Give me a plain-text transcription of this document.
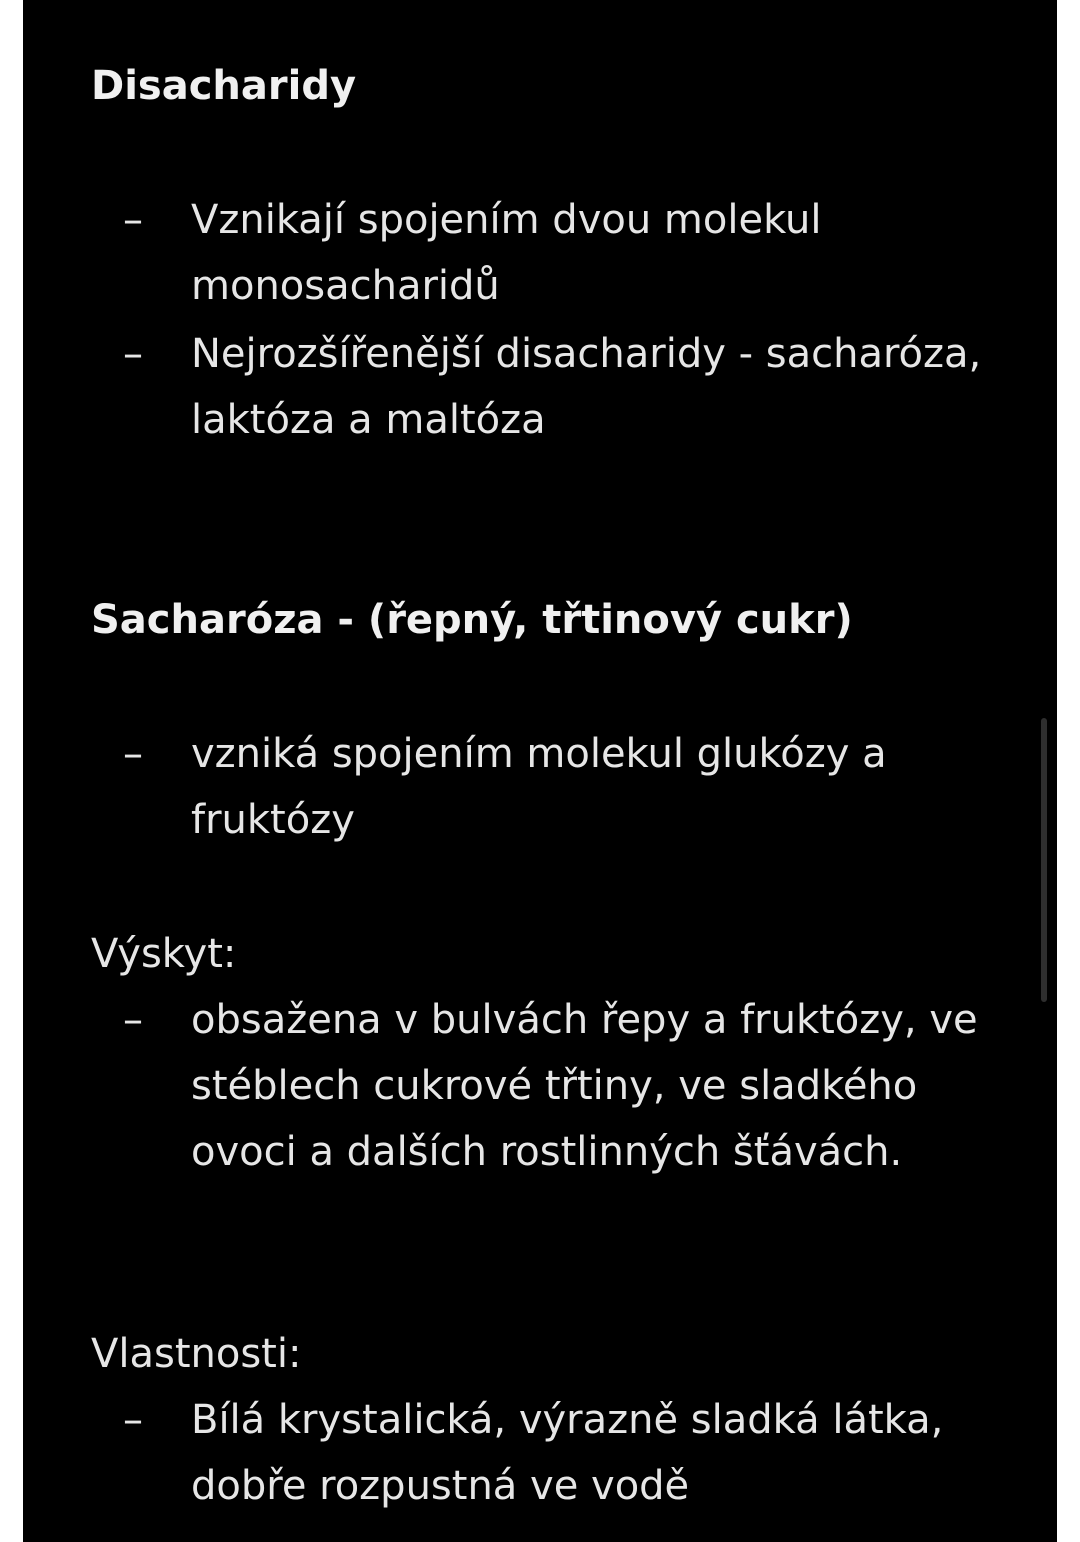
Disacharidy
– Vznikají spojením dvou molekul monosacharidů
– Nejrozšířenější disacharidy - sacharóza, laktóza a maltóza
Sacharóza - (řepný, třtinový cukr)
– vzniká spojením molekul glukózy a fruktózy

Výskyt:

– obsažena v bulvách řepy a fruktózy, ve stéblech cukrové třtiny, ve sladkého ovoci a dalších rostlinných šťávách.

Vlastnosti:

– Bílá krystalická, výrazně sladká látka, dobře rozpustná ve vodě
